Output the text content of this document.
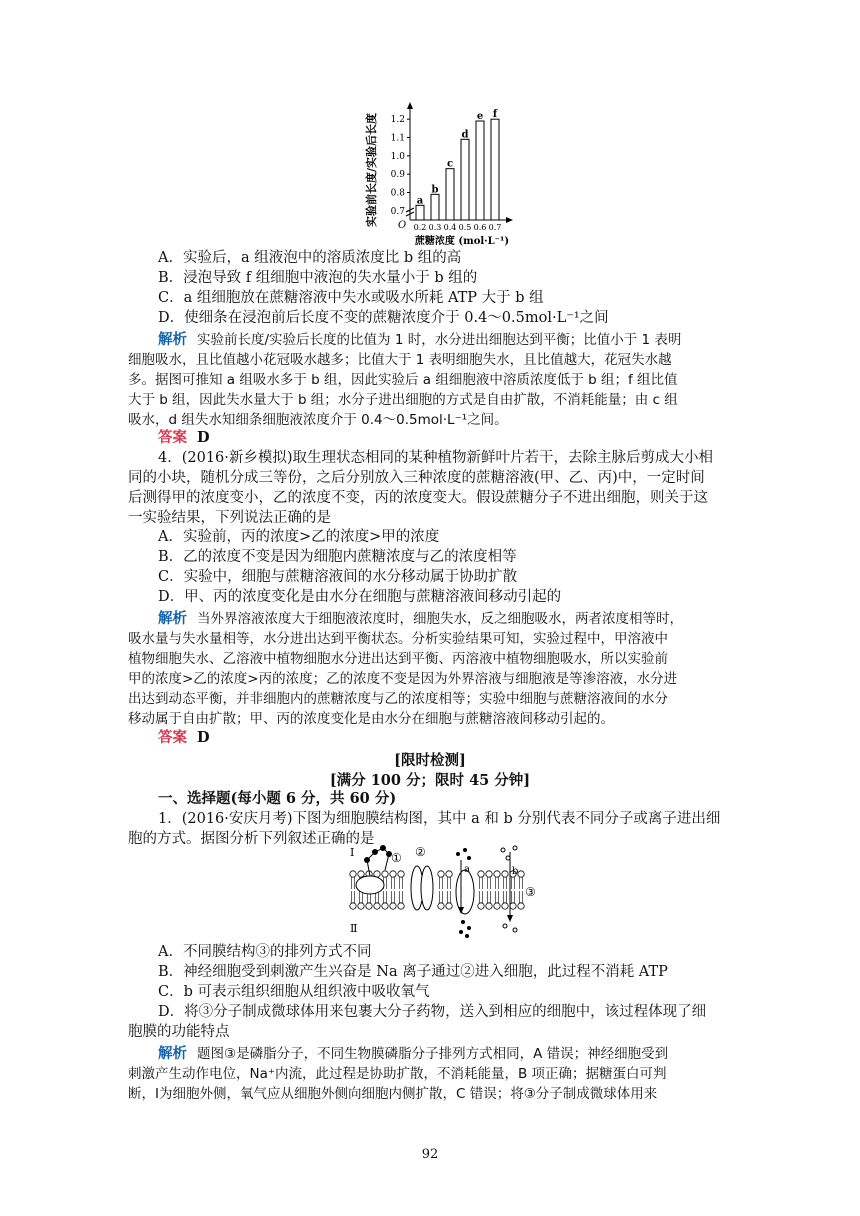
实验前长度/实验后长度 O
0.7
0.8
0.9
1.0
1.1
1.2
a
b
c
d
e f
0.2 0.3 0.4 0.5 0.6 0.7
蔗糖浓度 (mol·L⁻¹)
A．实验后，a 组液泡中的溶质浓度比 b 组的高
B．浸泡导致 f 组细胞中液泡的失水量小于 b 组的
C．a 组细胞放在蔗糖溶液中失水或吸水所耗 ATP 大于 b 组
D．使细条在浸泡前后长度不变的蔗糖浓度介于 0.4～0.5mol·L⁻¹之间
解析 实验前长度/实验后长度的比值为 1 时，水分进出细胞达到平衡；比值小于 1 表明
细胞吸水，且比值越小花冠吸水越多；比值大于 1 表明细胞失水，且比值越大，花冠失水越
多。据图可推知 a 组吸水多于 b 组，因此实验后 a 组细胞液中溶质浓度低于 b 组；f 组比值
大于 b 组，因此失水量大于 b 组；水分子进出细胞的方式是自由扩散，不消耗能量；由 c 组
吸水，d 组失水知细条细胞液浓度介于 0.4～0.5mol·L⁻¹之间。
答案 D
4．(2016·新乡模拟)取生理状态相同的某种植物新鲜叶片若干，去除主脉后剪成大小相
同的小块，随机分成三等份，之后分别放入三种浓度的蔗糖溶液(甲、乙、丙)中，一定时间
后测得甲的浓度变小，乙的浓度不变，丙的浓度变大。假设蔗糖分子不进出细胞，则关于这
一实验结果，下列说法正确的是
A．实验前，丙的浓度>乙的浓度>甲的浓度
B．乙的浓度不变是因为细胞内蔗糖浓度与乙的浓度相等
C．实验中，细胞与蔗糖溶液间的水分移动属于协助扩散
D．甲、丙的浓度变化是由水分在细胞与蔗糖溶液间移动引起的
解析 当外界溶液浓度大于细胞液浓度时，细胞失水，反之细胞吸水，两者浓度相等时，
吸水量与失水量相等，水分进出达到平衡状态。分析实验结果可知，实验过程中，甲溶液中
植物细胞失水、乙溶液中植物细胞水分进出达到平衡、丙溶液中植物细胞吸水，所以实验前
甲的浓度>乙的浓度>丙的浓度；乙的浓度不变是因为外界溶液与细胞液是等渗溶液，水分进
出达到动态平衡，并非细胞内的蔗糖浓度与乙的浓度相等；实验中细胞与蔗糖溶液间的水分
移动属于自由扩散；甲、丙的浓度变化是由水分在细胞与蔗糖溶液间移动引起的。
答案 D
[限时检测]
[满分 100 分；限时 45 分钟]
一、选择题(每小题 6 分，共 60 分)
1．(2016·安庆月考)下图为细胞膜结构图，其中 a 和 b 分别代表不同分子或离子进出细
胞的方式。据图分析下列叙述正确的是
Ⅰ
Ⅱ
① ②
a	b
③
A．不同膜结构③的排列方式不同
B．神经细胞受到刺激产生兴奋是 Na 离子通过②进入细胞，此过程不消耗 ATP
C．b 可表示组织细胞从组织液中吸收氧气
D．将③分子制成微球体用来包裹大分子药物，送入到相应的细胞中，该过程体现了细
胞膜的功能特点
解析 题图③是磷脂分子，不同生物膜磷脂分子排列方式相同，A 错误；神经细胞受到
刺激产生动作电位，Na⁺内流，此过程是协助扩散，不消耗能量，B 项正确；据糖蛋白可判
断，Ⅰ为细胞外侧，氧气应从细胞外侧向细胞内侧扩散，C 错误；将③分子制成微球体用来
92
